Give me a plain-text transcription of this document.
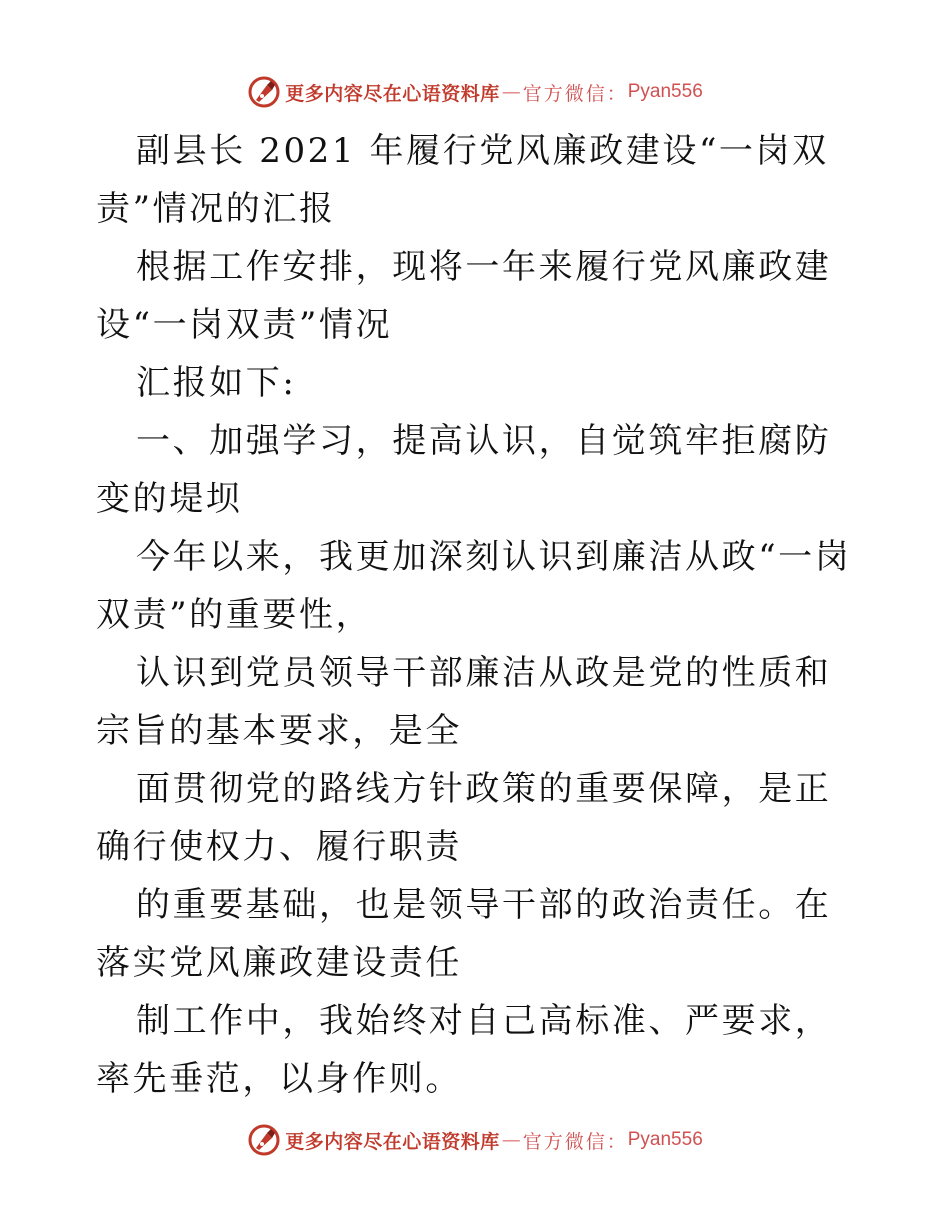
更多内容尽在心语资料库 — 官方微信： Pyan556

副县长 2021 年履行党风廉政建设“一岗双责”情况的汇报

根据工作安排，现将一年来履行党风廉政建设“一岗双责”情况

汇报如下:

一、加强学习，提高认识，自觉筑牢拒腐防变的堤坝

今年以来，我更加深刻认识到廉洁从政“一岗双责”的重要性，

认识到党员领导干部廉洁从政是党的性质和宗旨的基本要求，是全

面贯彻党的路线方针政策的重要保障，是正确行使权力、履行职责

的重要基础，也是领导干部的政治责任。在落实党风廉政建设责任

制工作中，我始终对自己高标准、严要求，率先垂范，以身作则。

更多内容尽在心语资料库 — 官方微信： Pyan556
